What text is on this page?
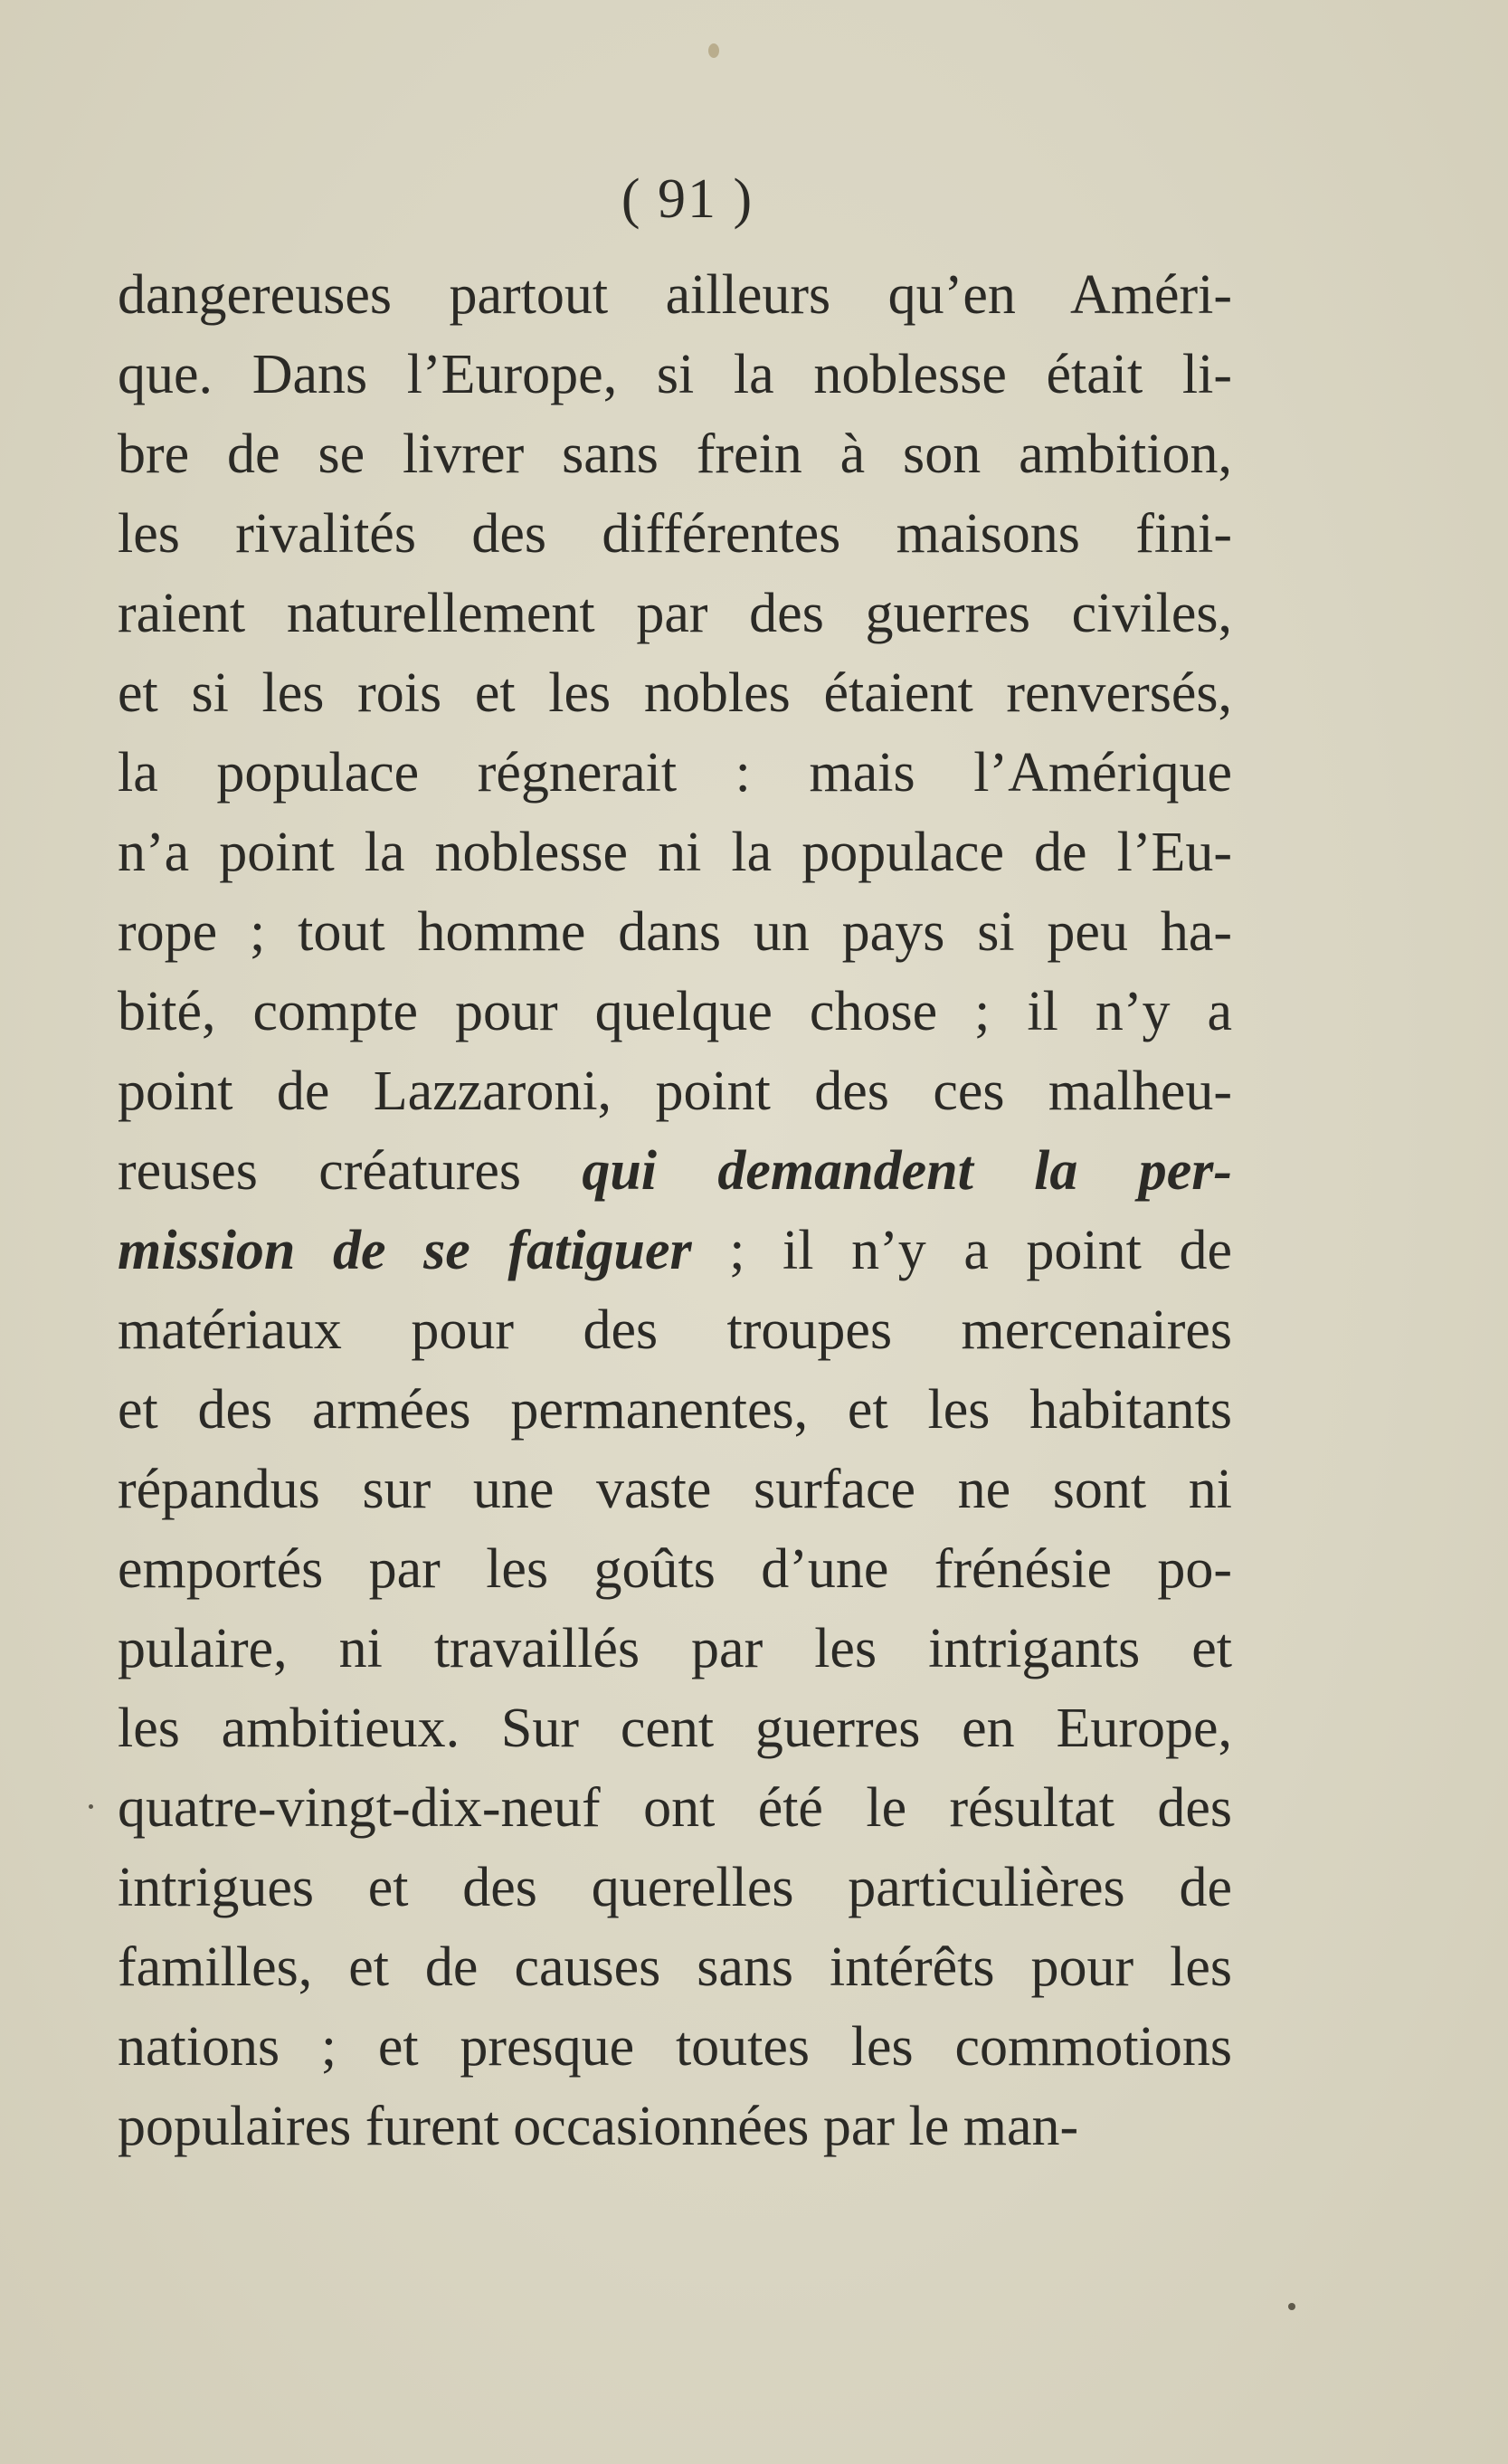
( 91 )
dangereuses partout ailleurs qu’en Améri-
que. Dans l’Europe, si la noblesse était li-
bre de se livrer sans frein à son ambition,
les rivalités des différentes maisons fini-
raient naturellement par des guerres civiles,
et si les rois et les nobles étaient renversés,
la populace régnerait : mais l’Amérique
n’a point la noblesse ni la populace de l’Eu-
rope ; tout homme dans un pays si peu ha-
bité, compte pour quelque chose ; il n’y a
point de Lazzaroni, point des ces malheu-
reuses créatures qui demandent la per-
mission de se fatiguer ; il n’y a point de
matériaux pour des troupes mercenaires
et des armées permanentes, et les habitants
répandus sur une vaste surface ne sont ni
emportés par les goûts d’une frénésie po-
pulaire, ni travaillés par les intrigants et
les ambitieux. Sur cent guerres en Europe,
quatre-vingt-dix-neuf ont été le résultat des
intrigues et des querelles particulières de
familles, et de causes sans intérêts pour les
nations ; et presque toutes les commotions
populaires furent occasionnées par le man-
